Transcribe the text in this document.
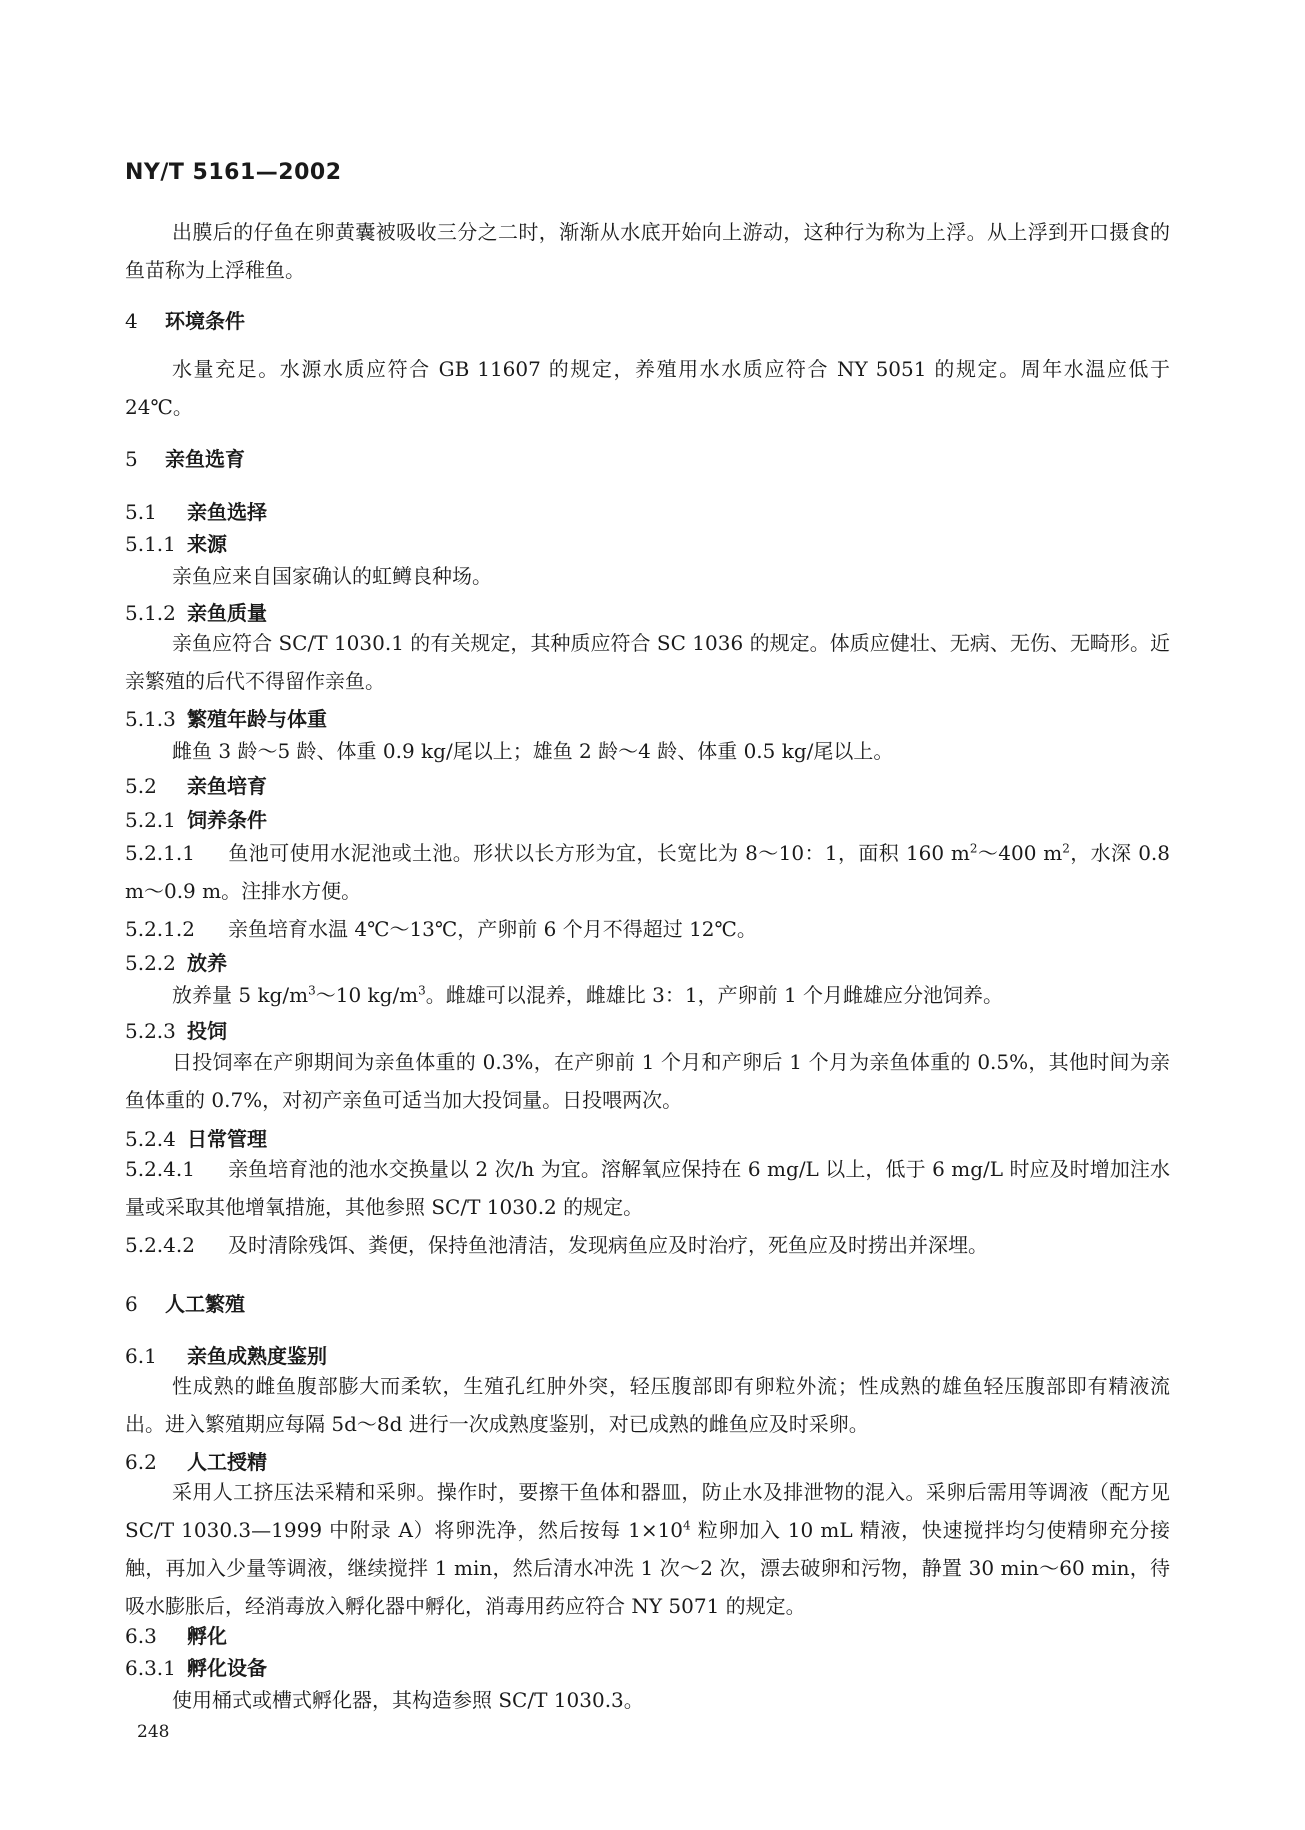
NY/T 5161—2002
出膜后的仔鱼在卵黄囊被吸收三分之二时，渐渐从水底开始向上游动，这种行为称为上浮。从上浮到开口摄食的鱼苗称为上浮稚鱼。
4 环境条件
水量充足。水源水质应符合 GB 11607 的规定，养殖用水水质应符合 NY 5051 的规定。周年水温应低于 24℃。
5 亲鱼选育
5.1 亲鱼选择
5.1.1 来源
亲鱼应来自国家确认的虹鳟良种场。
5.1.2 亲鱼质量
亲鱼应符合 SC/T 1030.1 的有关规定，其种质应符合 SC 1036 的规定。体质应健壮、无病、无伤、无畸形。近亲繁殖的后代不得留作亲鱼。
5.1.3 繁殖年龄与体重
雌鱼 3 龄～5 龄、体重 0.9 kg/尾以上；雄鱼 2 龄～4 龄、体重 0.5 kg/尾以上。
5.2 亲鱼培育
5.2.1 饲养条件
5.2.1.1 鱼池可使用水泥池或土池。形状以长方形为宜，长宽比为 8～10：1，面积 160 $m^2\sim 400$ $m^2$，水深 0.8 m～0.9 m。注排水方便。
5.2.1.2 亲鱼培育水温 4℃～13℃，产卵前 6 个月不得超过 12℃。
5.2.2 放养
放养量 5 $kg/m^3\sim 10$ $kg/m^3$。雌雄可以混养，雌雄比 3：1，产卵前 1 个月雌雄应分池饲养。
5.2.3 投饲
日投饲率在产卵期间为亲鱼体重的 0.3%，在产卵前 1 个月和产卵后 1 个月为亲鱼体重的 0.5%，其他时间为亲鱼体重的 0.7%，对初产亲鱼可适当加大投饲量。日投喂两次。
5.2.4 日常管理
5.2.4.1 亲鱼培育池的池水交换量以 2 次/h 为宜。溶解氧应保持在 6 mg/L 以上，低于 6 mg/L 时应及时增加注水量或采取其他增氧措施，其他参照 SC/T 1030.2 的规定。
5.2.4.2 及时清除残饵、粪便，保持鱼池清洁，发现病鱼应及时治疗，死鱼应及时捞出并深埋。
6 人工繁殖
6.1 亲鱼成熟度鉴别
性成熟的雌鱼腹部膨大而柔软，生殖孔红肿外突，轻压腹部即有卵粒外流；性成熟的雄鱼轻压腹部即有精液流出。进入繁殖期应每隔 5d～8d 进行一次成熟度鉴别，对已成熟的雌鱼应及时采卵。
6.2 人工授精
采用人工挤压法采精和采卵。操作时，要擦干鱼体和器皿，防止水及排泄物的混入。采卵后需用等调液（配方见 SC/T 1030.3—1999 中附录 A）将卵洗净，然后按每 $1\times 10^4$ 粒卵加入 10 mL 精液，快速搅拌均匀使精卵充分接触，再加入少量等调液，继续搅拌 1 min，然后清水冲洗 1 次～2 次，漂去破卵和污物，静置 30 min～60 min，待吸水膨胀后，经消毒放入孵化器中孵化，消毒用药应符合 NY 5071 的规定。
6.3 孵化
6.3.1 孵化设备
使用桶式或槽式孵化器，其构造参照 SC/T 1030.3。
248
